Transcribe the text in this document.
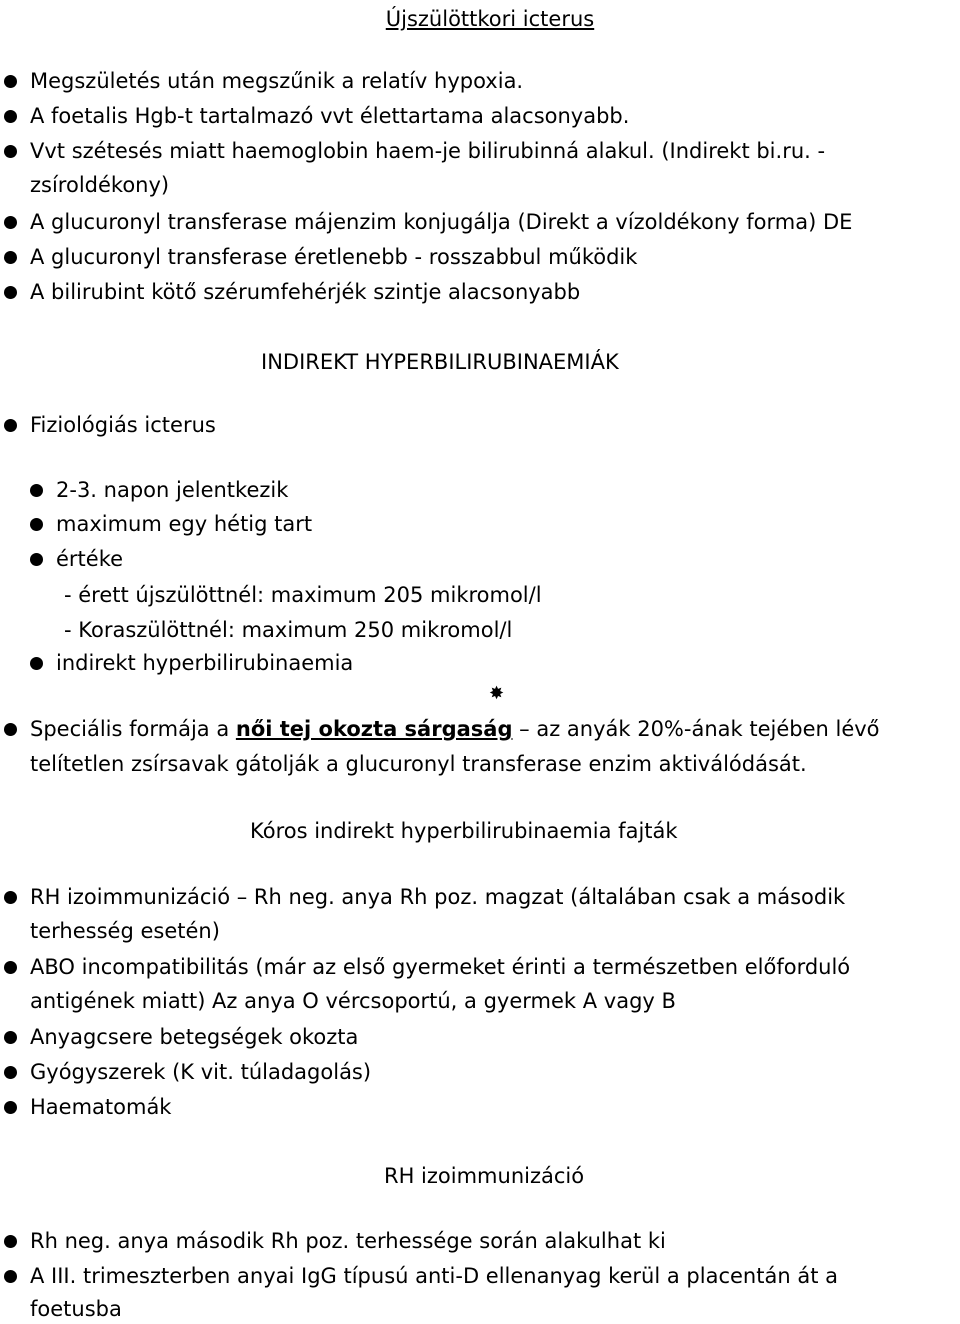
Újszülöttkori icterus
Megszületés után megszűnik a relatív hypoxia.
A foetalis Hgb-t tartalmazó vvt élettartama alacsonyabb.
Vvt szétesés miatt haemoglobin haem-je bilirubinná alakul. (Indirekt bi.ru. -
zsíroldékony)
A glucuronyl transferase májenzim konjugálja (Direkt a vízoldékony forma) DE
A glucuronyl transferase éretlenebb - rosszabbul működik
A bilirubint kötő szérumfehérjék szintje alacsonyabb
INDIREKT HYPERBILIRUBINAEMIÁK
Fiziológiás icterus
2-3. napon jelentkezik
maximum egy hétig tart
értéke
- érett újszülöttnél: maximum 205 mikromol/l
- Koraszülöttnél: maximum 250 mikromol/l
indirekt hyperbilirubinaemia
✸
Speciális formája a női tej okozta sárgaság – az anyák 20%-ának tejében lévő
telítetlen zsírsavak gátolják a glucuronyl transferase enzim aktiválódását.
Kóros indirekt hyperbilirubinaemia fajták
RH izoimmunizáció – Rh neg. anya Rh poz. magzat (általában csak a második
terhesség esetén)
ABO incompatibilitás (már az első gyermeket érinti a természetben előforduló
antigének miatt) Az anya O vércsoportú, a gyermek A vagy B
Anyagcsere betegségek okozta
Gyógyszerek (K vit. túladagolás)
Haematomák
RH izoimmunizáció
Rh neg. anya második Rh poz. terhessége során alakulhat ki
A III. trimeszterben anyai IgG típusú anti-D ellenanyag kerül a placentán át a
foetusba
